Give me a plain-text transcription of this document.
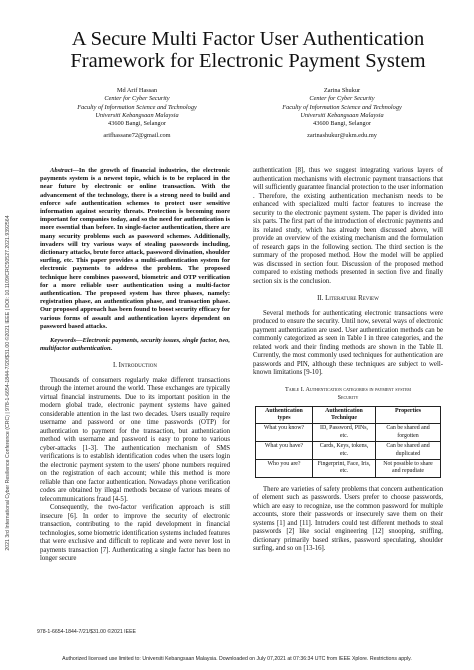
2021 3rd International Cyber Resilience Conference (CRC) | 978-1-6654-1844-7/20/$31.00 ©2021 IEEE | DOI: 10.1109/CRC50527.2021.9392564
A Secure Multi Factor User Authentication
Framework for Electronic Payment System
Md Arif Hassan
Center for Cyber Security
Faculty of Information Science and Technology
Universiti Kebangsaan Malaysia
43600 Bangi, Selangor
arifhassane72@gmail.com
Zarina Shukur
Center for Cyber Security
Faculty of Information Science and Technology
Universiti Kebangsaan Malaysia
43600 Bangi, Selangor
zarinashukur@ukm.edu.my

Abstract—In the growth of financial industries, the electronic payments system is a newest topic, which is to be replaced in the near future by electronic or online transaction. With the advancement of the technology, there is a strong need to build and enforce safe authentication schemes to protect user sensitive information against security threats. Protection is becoming more important for companies today, and so the need for authentication is more essential than before. In single-factor authentication, there are many security problems such as password schemes. Additionally, invaders will try various ways of stealing passwords including, dictionary attacks, brute force attack, password divination, shoulder surfing, etc. This paper provides a multi-authentication system for electronic payments to address the problem. The proposed technique here combines password, biometric and OTP verification for a more reliable user authentication using a multi-factor authentication. The proposed system has three phases, namely: registration phase, an authentication phase, and transaction phase. Our proposed approach has been found to boost security efficacy for various forms of assault and authentication layers dependent on password based attacks.

Keywords—Electronic payments, security issues, single factor, two, multifactor authentication.

I. Introduction

Thousands of consumers regularly make different transactions through the internet around the world. These exchanges are typically virtual financial instruments. Due to its important position in the modern global trade, electronic payment systems have gained considerable attention in the last two decades. Users usually require username and password or one time passwords (OTP) for authentication to payment for the transaction, but authentication method with username and password is easy to prone to various cyber-attacks [1-3]. The authentication mechanism of SMS verifications is to establish identification codes when the users login the electronic payment system to the users' phone numbers required on the registration of each account; while this method is more reliable than one factor authentication. Nowadays phone verification codes are obtained by illegal methods because of various means of telecommunications fraud [4-5].

Consequently, the two-factor verification approach is still insecure [6]. In order to improve the security of electronic transaction, contributing to the rapid development in financial technologies, some biometric identification systems included features that were exclusive and difficult to replicate and were never lost in payments transaction [7]. Authenticating a single factor has been no longer secure

authentication [8], thus we suggest integrating various layers of authentication mechanisms with electronic payment transactions that will sufficiently guarantee financial protection to the user information . Therefore, the existing authentication mechanism needs to be enhanced with specialized multi factor features to increase the security to the electronic payment system. The paper is divided into six parts. The first part of the introduction of electronic payments and its related study, which has already been discussed above, will provide an overview of the existing mechanism and the formulation of research gaps in the following section. The third section is the summary of the proposed method. How the model will be applied was discussed in section four. Discussion of the proposed method compared to existing methods presented in section five and finally section six is the conclusion.

II. Literature Review

Several methods for authenticating electronic transactions were produced to ensure the security. Until now, several ways of electronic payment authentication are used. User authentication methods can be commonly categorized as seen in Table I in three categories, and the related work and their finding methods are shown in the Table II. Currently, the most commonly used techniques for authentication are passwords and PIN, although these techniques are subject to well-known limitations [9-10].

Table I. Authentication categories in payment system
Security

Authentication types	Authentication Technique	Properties
What you know?	ID, Password, PINs, etc.	Can be shared and forgotten
What you have?	Cards, Keys, tokens, etc.	Can be shared and duplicated
Who you are?	Fingerprint, Face, Iris, etc.	Not possible to share and repudiate

There are varieties of safety problems that concern authentication of element such as passwords. Users prefer to choose passwords, which are easy to recognize, use the common password for multiple accounts, store their passwords or insecurely save them on their systems [1] and [11]. Intruders could test different methods to steal passwords [2] like social engineering [12] snooping, sniffing, dictionary primarily based strikes, password speculating, shoulder surfing, and so on [13-16].

978-1-6654-1844-7/21/$31.00 ©2021 IEEE
Authorized licensed use limited to: Universiti Kebangsaan Malaysia. Downloaded on July 07,2021 at 07:36:34 UTC from IEEE Xplore. Restrictions apply.
